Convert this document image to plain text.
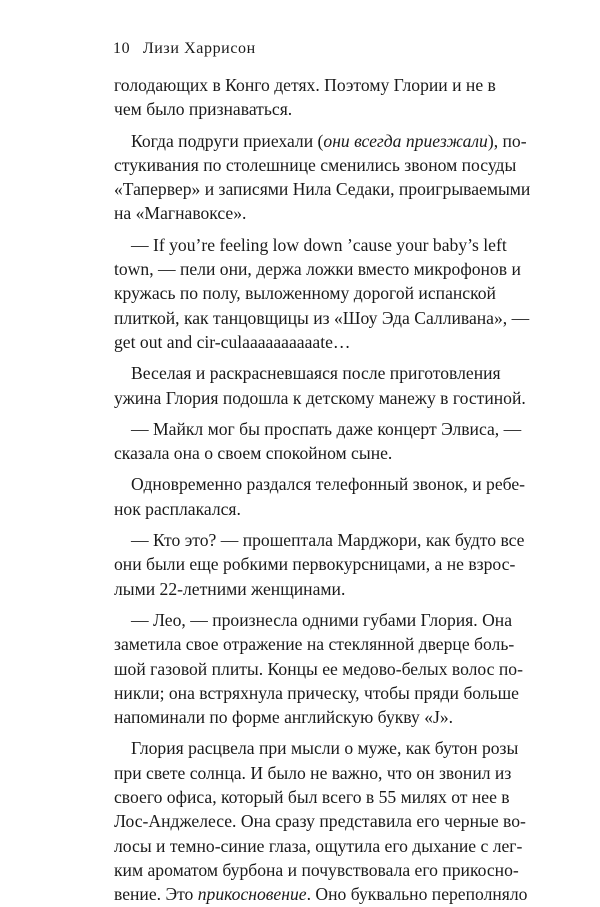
10 Лизи Харрисон
голодающих в Конго детях. Поэтому Глории и не в
чем было признаваться.
Когда подруги приехали (они всегда приезжали), по-
стукивания по столешнице сменились звоном посуды
«Тапервер» и записями Нила Седаки, проигрываемыми
на «Магнавоксе».
— If you’re feeling low down ’cause your baby’s left
town, — пели они, держа ложки вместо микрофонов и
кружась по полу, выложенному дорогой испанской
плиткой, как танцовщицы из «Шоу Эда Салливана», —
get out and cir-culaaaaaaaaaate…
Веселая и раскрасневшаяся после приготовления
ужина Глория подошла к детскому манежу в гостиной.
— Майкл мог бы проспать даже концерт Элвиса, —
сказала она о своем спокойном сыне.
Одновременно раздался телефонный звонок, и ребе-
нок расплакался.
— Кто это? — прошептала Марджори, как будто все
они были еще робкими первокурсницами, а не взрос-
лыми 22-летними женщинами.
— Лео, — произнесла одними губами Глория. Она
заметила свое отражение на стеклянной дверце боль-
шой газовой плиты. Концы ее медово-белых волос по-
никли; она встряхнула прическу, чтобы пряди больше
напоминали по форме английскую букву «J».
Глория расцвела при мысли о муже, как бутон розы
при свете солнца. И было не важно, что он звонил из
своего офиса, который был всего в 55 милях от нее в
Лос-Анджелесе. Она сразу представила его черные во-
лосы и темно-синие глаза, ощутила его дыхание с лег-
ким ароматом бурбона и почувствовала его прикосно-
вение. Это прикосновение. Оно буквально переполняло
